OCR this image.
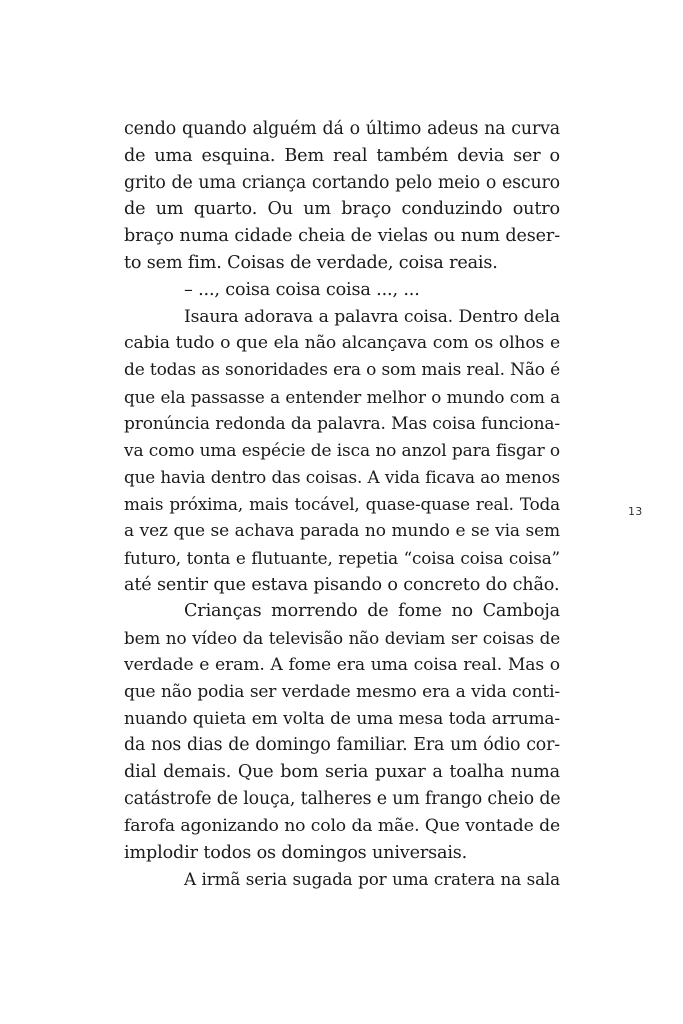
cendo quando alguém dá o último adeus na curva
de uma esquina. Bem real também devia ser o
grito de uma criança cortando pelo meio o escuro
de um quarto. Ou um braço conduzindo outro
braço numa cidade cheia de vielas ou num deser-
to sem fim. Coisas de verdade, coisa reais.
– ..., coisa coisa coisa ..., ...
Isaura adorava a palavra coisa. Dentro dela
cabia tudo o que ela não alcançava com os olhos e
de todas as sonoridades era o som mais real. Não é
que ela passasse a entender melhor o mundo com a
pronúncia redonda da palavra. Mas coisa funciona-
va como uma espécie de isca no anzol para fisgar o
que havia dentro das coisas. A vida ficava ao menos
mais próxima, mais tocável, quase-quase real. Toda
a vez que se achava parada no mundo e se via sem
futuro, tonta e flutuante, repetia “coisa coisa coisa”
até sentir que estava pisando o concreto do chão.
Crianças morrendo de fome no Camboja
bem no vídeo da televisão não deviam ser coisas de
verdade e eram. A fome era uma coisa real. Mas o
que não podia ser verdade mesmo era a vida conti-
nuando quieta em volta de uma mesa toda arruma-
da nos dias de domingo familiar. Era um ódio cor-
dial demais. Que bom seria puxar a toalha numa
catástrofe de louça, talheres e um frango cheio de
farofa agonizando no colo da mãe. Que vontade de
implodir todos os domingos universais.
A irmã seria sugada por uma cratera na sala
13
